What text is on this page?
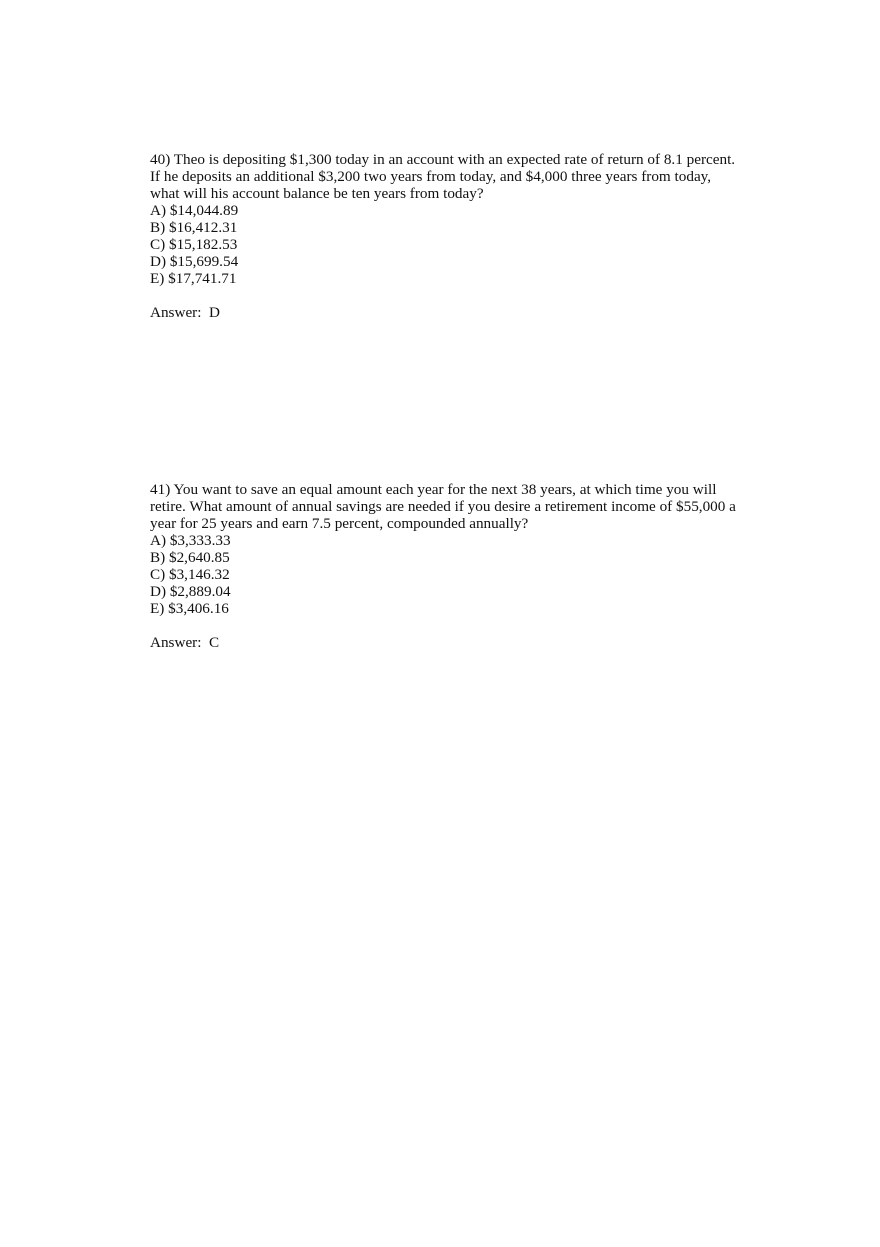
40) Theo is depositing $1,300 today in an account with an expected rate of return of 8.1 percent. If he deposits an additional $3,200 two years from today, and $4,000 three years from today, what will his account balance be ten years from today?

A) $14,044.89
B) $16,412.31
C) $15,182.53
D) $15,699.54
E) $17,741.71

Answer:  D

41) You want to save an equal amount each year for the next 38 years, at which time you will retire. What amount of annual savings are needed if you desire a retirement income of $55,000 a year for 25 years and earn 7.5 percent, compounded annually?

A) $3,333.33
B) $2,640.85
C) $3,146.32
D) $2,889.04
E) $3,406.16

Answer:  C
